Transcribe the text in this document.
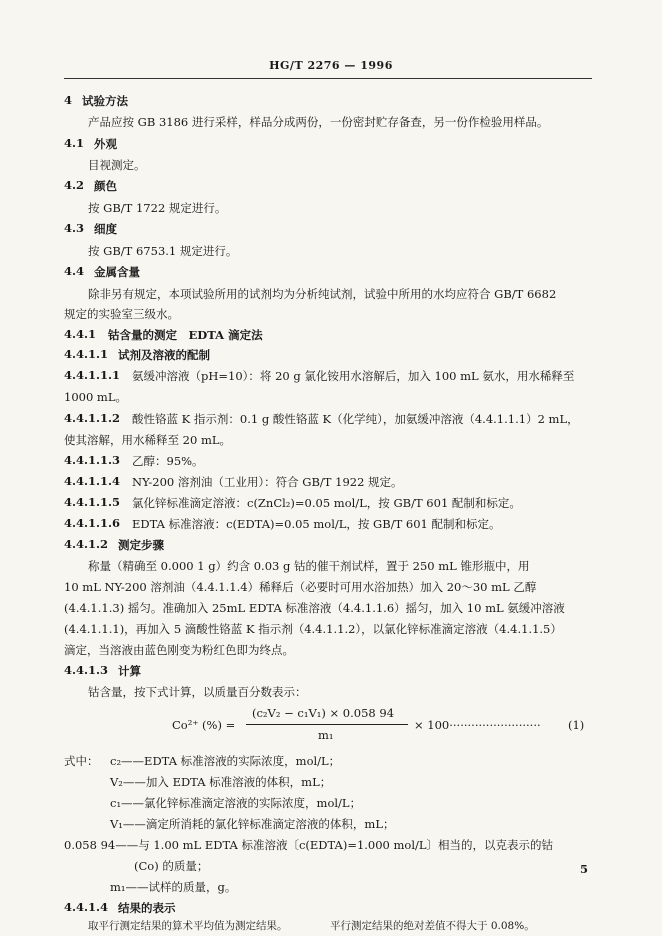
HG/T 2276 — 1996
4 试验方法
产品应按 GB 3186 进行采样，样品分成两份，一份密封贮存备查，另一份作检验用样品。
4.1 外观
目视测定。
4.2 颜色
按 GB/T 1722 规定进行。
4.3 细度
按 GB/T 6753.1 规定进行。
4.4 金属含量
除非另有规定，本项试验所用的试剂均为分析纯试剂，试验中所用的水均应符合 GB/T 6682
规定的实验室三级水。
4.4.1 钴含量的测定　EDTA 滴定法
4.4.1.1 试剂及溶液的配制
4.4.1.1.1 氨缓冲溶液（pH=10）：将 20 g 氯化铵用水溶解后，加入 100 mL 氨水，用水稀释至
1000 mL。
4.4.1.1.2 酸性铬蓝 K 指示剂：0.1 g 酸性铬蓝 K（化学纯），加氨缓冲溶液（4.4.1.1.1）2 mL，
使其溶解，用水稀释至 20 mL。
4.4.1.1.3 乙醇：95%。
4.4.1.1.4 NY-200 溶剂油（工业用）：符合 GB/T 1922 规定。
4.4.1.1.5 氯化锌标准滴定溶液：c(ZnCl₂)=0.05 mol/L，按 GB/T 601 配制和标定。
4.4.1.1.6 EDTA 标准溶液：c(EDTA)=0.05 mol/L，按 GB/T 601 配制和标定。
4.4.1.2 测定步骤
称量（精确至 0.000 1 g）约含 0.03 g 钴的催干剂试样，置于 250 mL 锥形瓶中，用
10 mL NY-200 溶剂油（4.4.1.1.4）稀释后（必要时可用水浴加热）加入 20～30 mL 乙醇
(4.4.1.1.3) 摇匀。准确加入 25mL EDTA 标准溶液（4.4.1.1.6）摇匀，加入 10 mL 氨缓冲溶液
(4.4.1.1.1)，再加入 5 滴酸性铬蓝 K 指示剂（4.4.1.1.2），以氯化锌标准滴定溶液（4.4.1.1.5）
滴定，当溶液由蓝色刚变为粉红色即为终点。
4.4.1.3 计算
钴含量，按下式计算，以质量百分数表示：
Co²⁺ (%) =
(c₂V₂ − c₁V₁) × 0.058 94
m₁
× 100························· (1)
式中： c₂——EDTA 标准溶液的实际浓度，mol/L；
V₂——加入 EDTA 标准溶液的体积，mL；
c₁——氯化锌标准滴定溶液的实际浓度，mol/L；
V₁——滴定所消耗的氯化锌标准滴定溶液的体积，mL；
0.058 94——与 1.00 mL EDTA 标准溶液〔c(EDTA)=1.000 mol/L〕相当的，以克表示的钴
(Co) 的质量；
m₁——试样的质量，g。
4.4.1.4 结果的表示
取平行测定结果的算术平均值为测定结果。	平行测定结果的绝对差值不得大于 0.08%。
5
